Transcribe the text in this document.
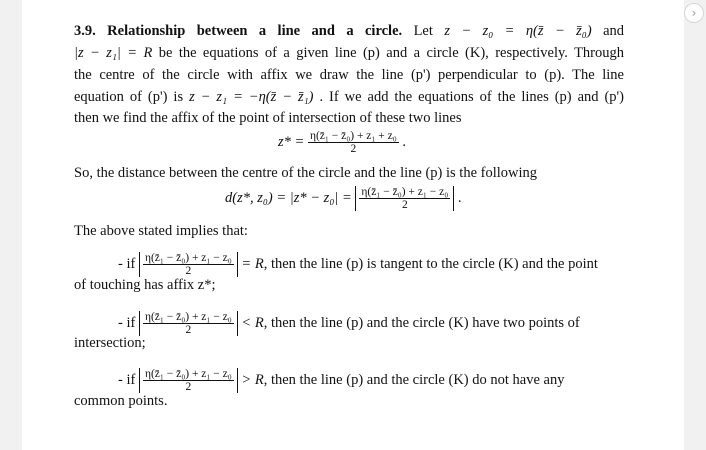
3.9. Relationship between a line and a circle. Let z − z₀ = η(z̄ − z̄₀) and
|z − z₁| = R be the equations of a given line (p) and a circle (K), respectively. Through
the centre of the circle with affix we draw the line (p') perpendicular to (p). The line
equation of (p') is z − z₁ = −η(z̄ − z̄₁) . If we add the equations of the lines (p) and (p')
then we find the affix of the point of intersection of these two lines
$z* = \frac{\text{η(z̄₁ − z̄₀) + z₁ + z₀}}{2}$ .
So, the distance between the centre of the circle and the line (p) is the following
d(z*, $z_0) = |z* - z_0| = \frac{\text{η(z̄₁ − z̄₀) + z₁ − z₀}}{2}$ .
The above stated implies that:
- if $\frac{\text{η(z̄₁ − z̄₀) + z₁ − z₀}}{2} = R$, then the line (p) is tangent to the circle (K) and the point
of touching has affix z*;
- if $\frac{\text{η(z̄₁ − z̄₀) + z₁ − z₀}}{2} < R$, then the line (p) and the circle (K) have two points of
intersection;
- if $\frac{\text{η(z̄₁ − z̄₀) + z₁ − z₀}}{2} > R$, then the line (p) and the circle (K) do not have any
common points.
›
